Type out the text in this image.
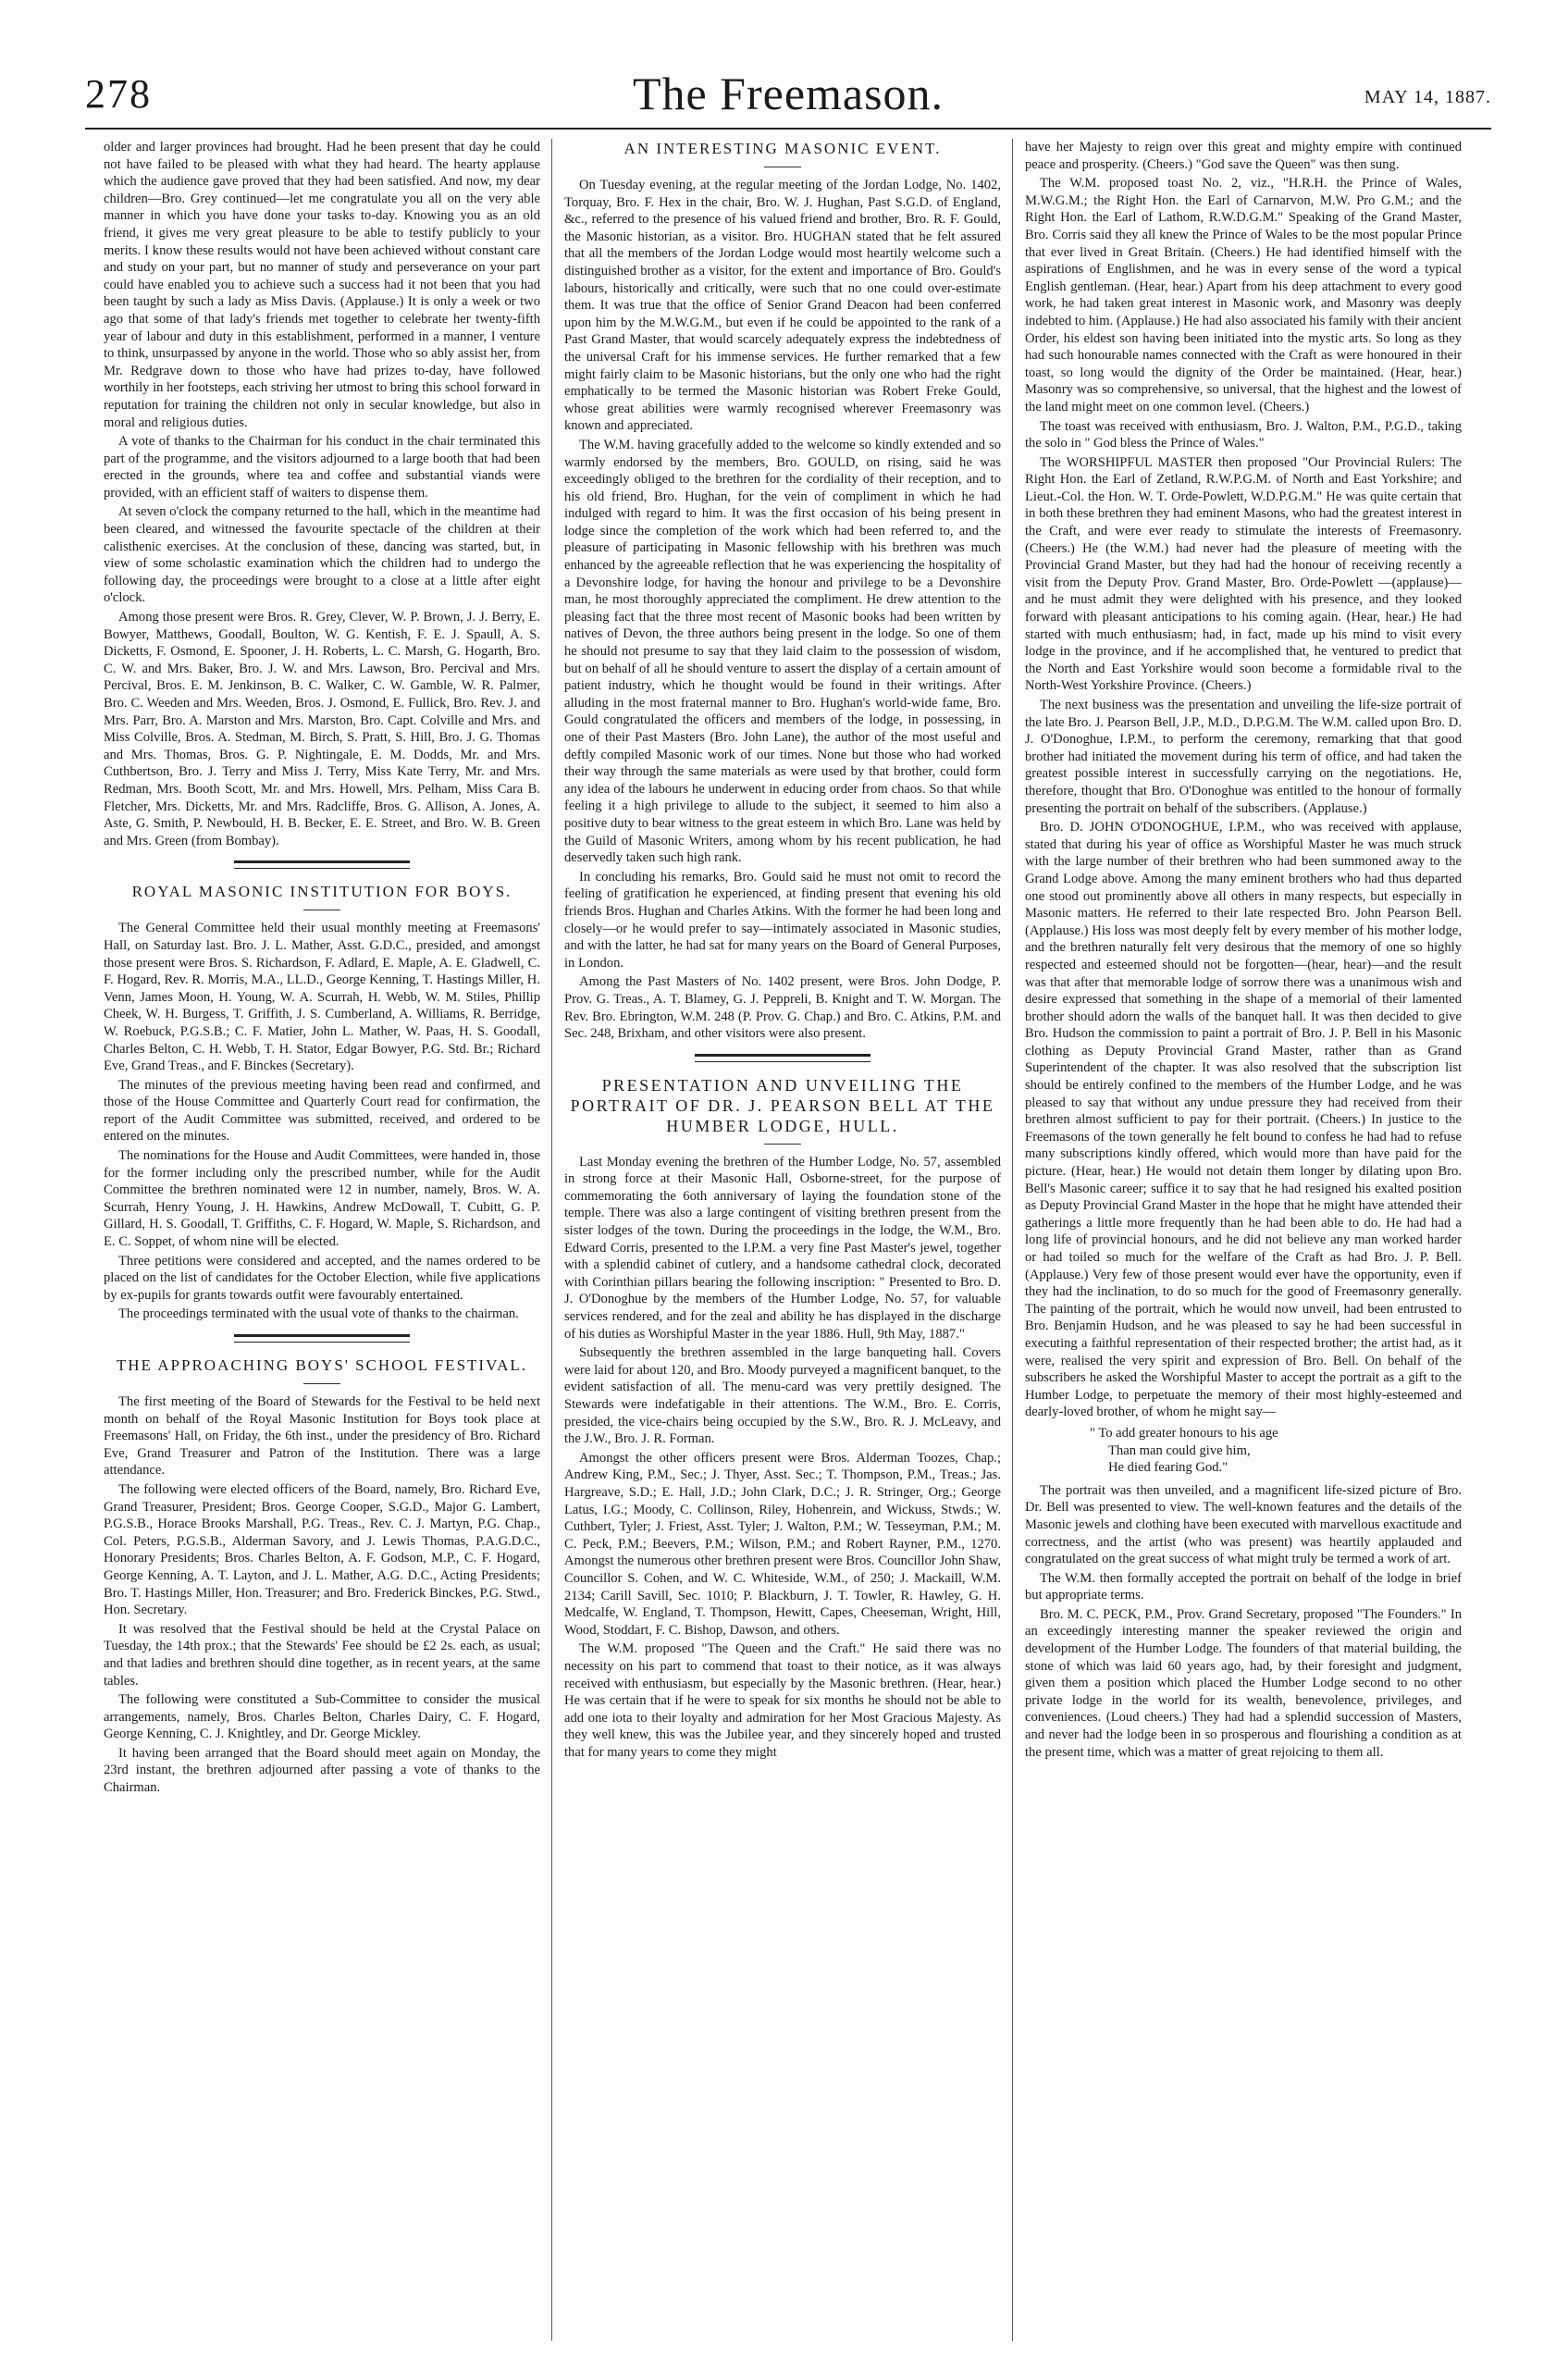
278	The Freemason.	MAY 14, 1887.

older and larger provinces had brought. Had he been present that day he could not have failed to be pleased with what they had heard. The hearty applause which the audience gave proved that they had been satisfied. And now, my dear children—Bro. Grey continued—let me congratulate you all on the very able manner in which you have done your tasks to-day. Knowing you as an old friend, it gives me very great pleasure to be able to testify publicly to your merits. I know these results would not have been achieved without constant care and study on your part, but no manner of study and perseverance on your part could have enabled you to achieve such a success had it not been that you had been taught by such a lady as Miss Davis. (Applause.) It is only a week or two ago that some of that lady's friends met together to celebrate her twenty-fifth year of labour and duty in this establishment, performed in a manner, I venture to think, unsurpassed by anyone in the world. Those who so ably assist her, from Mr. Redgrave down to those who have had prizes to-day, have followed worthily in her footsteps, each striving her utmost to bring this school forward in reputation for training the children not only in secular knowledge, but also in moral and religious duties.

A vote of thanks to the Chairman for his conduct in the chair terminated this part of the programme, and the visitors adjourned to a large booth that had been erected in the grounds, where tea and coffee and substantial viands were provided, with an efficient staff of waiters to dispense them.

At seven o'clock the company returned to the hall, which in the meantime had been cleared, and witnessed the favourite spectacle of the children at their calisthenic exercises. At the conclusion of these, dancing was started, but, in view of some scholastic examination which the children had to undergo the following day, the proceedings were brought to a close at a little after eight o'clock.

Among those present were Bros. R. Grey, Clever, W. P. Brown, J. J. Berry, E. Bowyer, Matthews, Goodall, Boulton, W. G. Kentish, F. E. J. Spaull, A. S. Dicketts, F. Osmond, E. Spooner, J. H. Roberts, L. C. Marsh, G. Hogarth, Bro. C. W. and Mrs. Baker, Bro. J. W. and Mrs. Lawson, Bro. Percival and Mrs. Percival, Bros. E. M. Jenkinson, B. C. Walker, C. W. Gamble, W. R. Palmer, Bro. C. Weeden and Mrs. Weeden, Bros. J. Osmond, E. Fullick, Bro. Rev. J. and Mrs. Parr, Bro. A. Marston and Mrs. Marston, Bro. Capt. Colville and Mrs. and Miss Colville, Bros. A. Stedman, M. Birch, S. Pratt, S. Hill, Bro. J. G. Thomas and Mrs. Thomas, Bros. G. P. Nightingale, E. M. Dodds, Mr. and Mrs. Cuthbertson, Bro. J. Terry and Miss J. Terry, Miss Kate Terry, Mr. and Mrs. Redman, Mrs. Booth Scott, Mr. and Mrs. Howell, Mrs. Pelham, Miss Cara B. Fletcher, Mrs. Dicketts, Mr. and Mrs. Radcliffe, Bros. G. Allison, A. Jones, A. Aste, G. Smith, P. Newbould, H. B. Becker, E. E. Street, and Bro. W. B. Green and Mrs. Green (from Bombay).

ROYAL MASONIC INSTITUTION FOR BOYS.

The General Committee held their usual monthly meeting at Freemasons' Hall, on Saturday last. Bro. J. L. Mather, Asst. G.D.C., presided, and amongst those present were Bros. S. Richardson, F. Adlard, E. Maple, A. E. Gladwell, C. F. Hogard, Rev. R. Morris, M.A., LL.D., George Kenning, T. Hastings Miller, H. Venn, James Moon, H. Young, W. A. Scurrah, H. Webb, W. M. Stiles, Phillip Cheek, W. H. Burgess, T. Griffith, J. S. Cumberland, A. Williams, R. Berridge, W. Roebuck, P.G.S.B.; C. F. Matier, John L. Mather, W. Paas, H. S. Goodall, Charles Belton, C. H. Webb, T. H. Stator, Edgar Bowyer, P.G. Std. Br.; Richard Eve, Grand Treas., and F. Binckes (Secretary).

The minutes of the previous meeting having been read and confirmed, and those of the House Committee and Quarterly Court read for confirmation, the report of the Audit Committee was submitted, received, and ordered to be entered on the minutes.

The nominations for the House and Audit Committees, were handed in, those for the former including only the prescribed number, while for the Audit Committee the brethren nominated were 12 in number, namely, Bros. W. A. Scurrah, Henry Young, J. H. Hawkins, Andrew McDowall, T. Cubitt, G. P. Gillard, H. S. Goodall, T. Griffiths, C. F. Hogard, W. Maple, S. Richardson, and E. C. Soppet, of whom nine will be elected.

Three petitions were considered and accepted, and the names ordered to be placed on the list of candidates for the October Election, while five applications by ex-pupils for grants towards outfit were favourably entertained.

The proceedings terminated with the usual vote of thanks to the chairman.

THE APPROACHING BOYS' SCHOOL FESTIVAL.

The first meeting of the Board of Stewards for the Festival to be held next month on behalf of the Royal Masonic Institution for Boys took place at Freemasons' Hall, on Friday, the 6th inst., under the presidency of Bro. Richard Eve, Grand Treasurer and Patron of the Institution. There was a large attendance.

The following were elected officers of the Board, namely, Bro. Richard Eve, Grand Treasurer, President; Bros. George Cooper, S.G.D., Major G. Lambert, P.G.S.B., Horace Brooks Marshall, P.G. Treas., Rev. C. J. Martyn, P.G. Chap., Col. Peters, P.G.S.B., Alderman Savory, and J. Lewis Thomas, P.A.G.D.C., Honorary Presidents; Bros. Charles Belton, A. F. Godson, M.P., C. F. Hogard, George Kenning, A. T. Layton, and J. L. Mather, A.G. D.C., Acting Presidents; Bro. T. Hastings Miller, Hon. Treasurer; and Bro. Frederick Binckes, P.G. Stwd., Hon. Secretary.

It was resolved that the Festival should be held at the Crystal Palace on Tuesday, the 14th prox.; that the Stewards' Fee should be £2 2s. each, as usual; and that ladies and brethren should dine together, as in recent years, at the same tables.

The following were constituted a Sub-Committee to consider the musical arrangements, namely, Bros. Charles Belton, Charles Dairy, C. F. Hogard, George Kenning, C. J. Knightley, and Dr. George Mickley.

It having been arranged that the Board should meet again on Monday, the 23rd instant, the brethren adjourned after passing a vote of thanks to the Chairman.

AN INTERESTING MASONIC EVENT.

On Tuesday evening, at the regular meeting of the Jordan Lodge, No. 1402, Torquay, Bro. F. Hex in the chair, Bro. W. J. Hughan, Past S.G.D. of England, &c., referred to the presence of his valued friend and brother, Bro. R. F. Gould, the Masonic historian, as a visitor. Bro. HUGHAN stated that he felt assured that all the members of the Jordan Lodge would most heartily welcome such a distinguished brother as a visitor, for the extent and importance of Bro. Gould's labours, historically and critically, were such that no one could over-estimate them. It was true that the office of Senior Grand Deacon had been conferred upon him by the M.W.G.M., but even if he could be appointed to the rank of a Past Grand Master, that would scarcely adequately express the indebtedness of the universal Craft for his immense services. He further remarked that a few might fairly claim to be Masonic historians, but the only one who had the right emphatically to be termed the Masonic historian was Robert Freke Gould, whose great abilities were warmly recognised wherever Freemasonry was known and appreciated.

The W.M. having gracefully added to the welcome so kindly extended and so warmly endorsed by the members, Bro. GOULD, on rising, said he was exceedingly obliged to the brethren for the cordiality of their reception, and to his old friend, Bro. Hughan, for the vein of compliment in which he had indulged with regard to him. It was the first occasion of his being present in lodge since the completion of the work which had been referred to, and the pleasure of participating in Masonic fellowship with his brethren was much enhanced by the agreeable reflection that he was experiencing the hospitality of a Devonshire lodge, for having the honour and privilege to be a Devonshire man, he most thoroughly appreciated the compliment. He drew attention to the pleasing fact that the three most recent of Masonic books had been written by natives of Devon, the three authors being present in the lodge. So one of them he should not presume to say that they laid claim to the possession of wisdom, but on behalf of all he should venture to assert the display of a certain amount of patient industry, which he thought would be found in their writings. After alluding in the most fraternal manner to Bro. Hughan's world-wide fame, Bro. Gould congratulated the officers and members of the lodge, in possessing, in one of their Past Masters (Bro. John Lane), the author of the most useful and deftly compiled Masonic work of our times. None but those who had worked their way through the same materials as were used by that brother, could form any idea of the labours he underwent in educing order from chaos. So that while feeling it a high privilege to allude to the subject, it seemed to him also a positive duty to bear witness to the great esteem in which Bro. Lane was held by the Guild of Masonic Writers, among whom by his recent publication, he had deservedly taken such high rank.

In concluding his remarks, Bro. Gould said he must not omit to record the feeling of gratification he experienced, at finding present that evening his old friends Bros. Hughan and Charles Atkins. With the former he had been long and closely—or he would prefer to say—intimately associated in Masonic studies, and with the latter, he had sat for many years on the Board of General Purposes, in London.

Among the Past Masters of No. 1402 present, were Bros. John Dodge, P. Prov. G. Treas., A. T. Blamey, G. J. Peppreli, B. Knight and T. W. Morgan. The Rev. Bro. Ebrington, W.M. 248 (P. Prov. G. Chap.) and Bro. C. Atkins, P.M. and Sec. 248, Brixham, and other visitors were also present.

PRESENTATION AND UNVEILING THE PORTRAIT OF DR. J. PEARSON BELL AT THE HUMBER LODGE, HULL.

Last Monday evening the brethren of the Humber Lodge, No. 57, assembled in strong force at their Masonic Hall, Osborne-street, for the purpose of commemorating the 6oth anniversary of laying the foundation stone of the temple. There was also a large contingent of visiting brethren present from the sister lodges of the town. During the proceedings in the lodge, the W.M., Bro. Edward Corris, presented to the I.P.M. a very fine Past Master's jewel, together with a splendid cabinet of cutlery, and a handsome cathedral clock, decorated with Corinthian pillars bearing the following inscription: " Presented to Bro. D. J. O'Donoghue by the members of the Humber Lodge, No. 57, for valuable services rendered, and for the zeal and ability he has displayed in the discharge of his duties as Worshipful Master in the year 1886. Hull, 9th May, 1887."

Subsequently the brethren assembled in the large banqueting hall. Covers were laid for about 120, and Bro. Moody purveyed a magnificent banquet, to the evident satisfaction of all. The menu-card was very prettily designed. The Stewards were indefatigable in their attentions. The W.M., Bro. E. Corris, presided, the vice-chairs being occupied by the S.W., Bro. R. J. McLeavy, and the J.W., Bro. J. R. Forman.

Amongst the other officers present were Bros. Alderman Toozes, Chap.; Andrew King, P.M., Sec.; J. Thyer, Asst. Sec.; T. Thompson, P.M., Treas.; Jas. Hargreave, S.D.; E. Hall, J.D.; John Clark, D.C.; J. R. Stringer, Org.; George Latus, I.G.; Moody, C. Collinson, Riley, Hohenrein, and Wickuss, Stwds.; W. Cuthbert, Tyler; J. Friest, Asst. Tyler; J. Walton, P.M.; W. Tesseyman, P.M.; M. C. Peck, P.M.; Beevers, P.M.; Wilson, P.M.; and Robert Rayner, P.M., 1270. Amongst the numerous other brethren present were Bros. Councillor John Shaw, Councillor S. Cohen, and W. C. Whiteside, W.M., of 250; J. Mackaill, W.M. 2134; Carill Savill, Sec. 1010; P. Blackburn, J. T. Towler, R. Hawley, G. H. Medcalfe, W. England, T. Thompson, Hewitt, Capes, Cheeseman, Wright, Hill, Wood, Stoddart, F. C. Bishop, Dawson, and others.

The W.M. proposed "The Queen and the Craft." He said there was no necessity on his part to commend that toast to their notice, as it was always received with enthusiasm, but especially by the Masonic brethren. (Hear, hear.) He was certain that if he were to speak for six months he should not be able to add one iota to their loyalty and admiration for her Most Gracious Majesty. As they well knew, this was the Jubilee year, and they sincerely hoped and trusted that for many years to come they might

have her Majesty to reign over this great and mighty empire with continued peace and prosperity. (Cheers.) "God save the Queen" was then sung.

The W.M. proposed toast No. 2, viz., "H.R.H. the Prince of Wales, M.W.G.M.; the Right Hon. the Earl of Carnarvon, M.W. Pro G.M.; and the Right Hon. the Earl of Lathom, R.W.D.G.M." Speaking of the Grand Master, Bro. Corris said they all knew the Prince of Wales to be the most popular Prince that ever lived in Great Britain. (Cheers.) He had identified himself with the aspirations of Englishmen, and he was in every sense of the word a typical English gentleman. (Hear, hear.) Apart from his deep attachment to every good work, he had taken great interest in Masonic work, and Masonry was deeply indebted to him. (Applause.) He had also associated his family with their ancient Order, his eldest son having been initiated into the mystic arts. So long as they had such honourable names connected with the Craft as were honoured in their toast, so long would the dignity of the Order be maintained. (Hear, hear.) Masonry was so comprehensive, so universal, that the highest and the lowest of the land might meet on one common level. (Cheers.)

The toast was received with enthusiasm, Bro. J. Walton, P.M., P.G.D., taking the solo in " God bless the Prince of Wales."

The WORSHIPFUL MASTER then proposed "Our Provincial Rulers: The Right Hon. the Earl of Zetland, R.W.P.G.M. of North and East Yorkshire; and Lieut.-Col. the Hon. W. T. Orde-Powlett, W.D.P.G.M." He was quite certain that in both these brethren they had eminent Masons, who had the greatest interest in the Craft, and were ever ready to stimulate the interests of Freemasonry. (Cheers.) He (the W.M.) had never had the pleasure of meeting with the Provincial Grand Master, but they had had the honour of receiving recently a visit from the Deputy Prov. Grand Master, Bro. Orde-Powlett —(applause)—and he must admit they were delighted with his presence, and they looked forward with pleasant anticipations to his coming again. (Hear, hear.) He had started with much enthusiasm; had, in fact, made up his mind to visit every lodge in the province, and if he accomplished that, he ventured to predict that the North and East Yorkshire would soon become a formidable rival to the North-West Yorkshire Province. (Cheers.)

The next business was the presentation and unveiling the life-size portrait of the late Bro. J. Pearson Bell, J.P., M.D., D.P.G.M. The W.M. called upon Bro. D. J. O'Donoghue, I.P.M., to perform the ceremony, remarking that that good brother had initiated the movement during his term of office, and had taken the greatest possible interest in successfully carrying on the negotiations. He, therefore, thought that Bro. O'Donoghue was entitled to the honour of formally presenting the portrait on behalf of the subscribers. (Applause.)

Bro. D. JOHN O'DONOGHUE, I.P.M., who was received with applause, stated that during his year of office as Worshipful Master he was much struck with the large number of their brethren who had been summoned away to the Grand Lodge above. Among the many eminent brothers who had thus departed one stood out prominently above all others in many respects, but especially in Masonic matters. He referred to their late respected Bro. John Pearson Bell. (Applause.) His loss was most deeply felt by every member of his mother lodge, and the brethren naturally felt very desirous that the memory of one so highly respected and esteemed should not be forgotten—(hear, hear)—and the result was that after that memorable lodge of sorrow there was a unanimous wish and desire expressed that something in the shape of a memorial of their lamented brother should adorn the walls of the banquet hall. It was then decided to give Bro. Hudson the commission to paint a portrait of Bro. J. P. Bell in his Masonic clothing as Deputy Provincial Grand Master, rather than as Grand Superintendent of the chapter. It was also resolved that the subscription list should be entirely confined to the members of the Humber Lodge, and he was pleased to say that without any undue pressure they had received from their brethren almost sufficient to pay for their portrait. (Cheers.) In justice to the Freemasons of the town generally he felt bound to confess he had had to refuse many subscriptions kindly offered, which would more than have paid for the picture. (Hear, hear.) He would not detain them longer by dilating upon Bro. Bell's Masonic career; suffice it to say that he had resigned his exalted position as Deputy Provincial Grand Master in the hope that he might have attended their gatherings a little more frequently than he had been able to do. He had had a long life of provincial honours, and he did not believe any man worked harder or had toiled so much for the welfare of the Craft as had Bro. J. P. Bell. (Applause.) Very few of those present would ever have the opportunity, even if they had the inclination, to do so much for the good of Freemasonry generally. The painting of the portrait, which he would now unveil, had been entrusted to Bro. Benjamin Hudson, and he was pleased to say he had been successful in executing a faithful representation of their respected brother; the artist had, as it were, realised the very spirit and expression of Bro. Bell. On behalf of the subscribers he asked the Worshipful Master to accept the portrait as a gift to the Humber Lodge, to perpetuate the memory of their most highly-esteemed and dearly-loved brother, of whom he might say—

" To add greater honours to his age
Than man could give him,
He died fearing God."

The portrait was then unveiled, and a magnificent life-sized picture of Bro. Dr. Bell was presented to view. The well-known features and the details of the Masonic jewels and clothing have been executed with marvellous exactitude and correctness, and the artist (who was present) was heartily applauded and congratulated on the great success of what might truly be termed a work of art.

The W.M. then formally accepted the portrait on behalf of the lodge in brief but appropriate terms.

Bro. M. C. PECK, P.M., Prov. Grand Secretary, proposed "The Founders." In an exceedingly interesting manner the speaker reviewed the origin and development of the Humber Lodge. The founders of that material building, the stone of which was laid 60 years ago, had, by their foresight and judgment, given them a position which placed the Humber Lodge second to no other private lodge in the world for its wealth, benevolence, privileges, and conveniences. (Loud cheers.) They had had a splendid succession of Masters, and never had the lodge been in so prosperous and flourishing a condition as at the present time, which was a matter of great rejoicing to them all.
